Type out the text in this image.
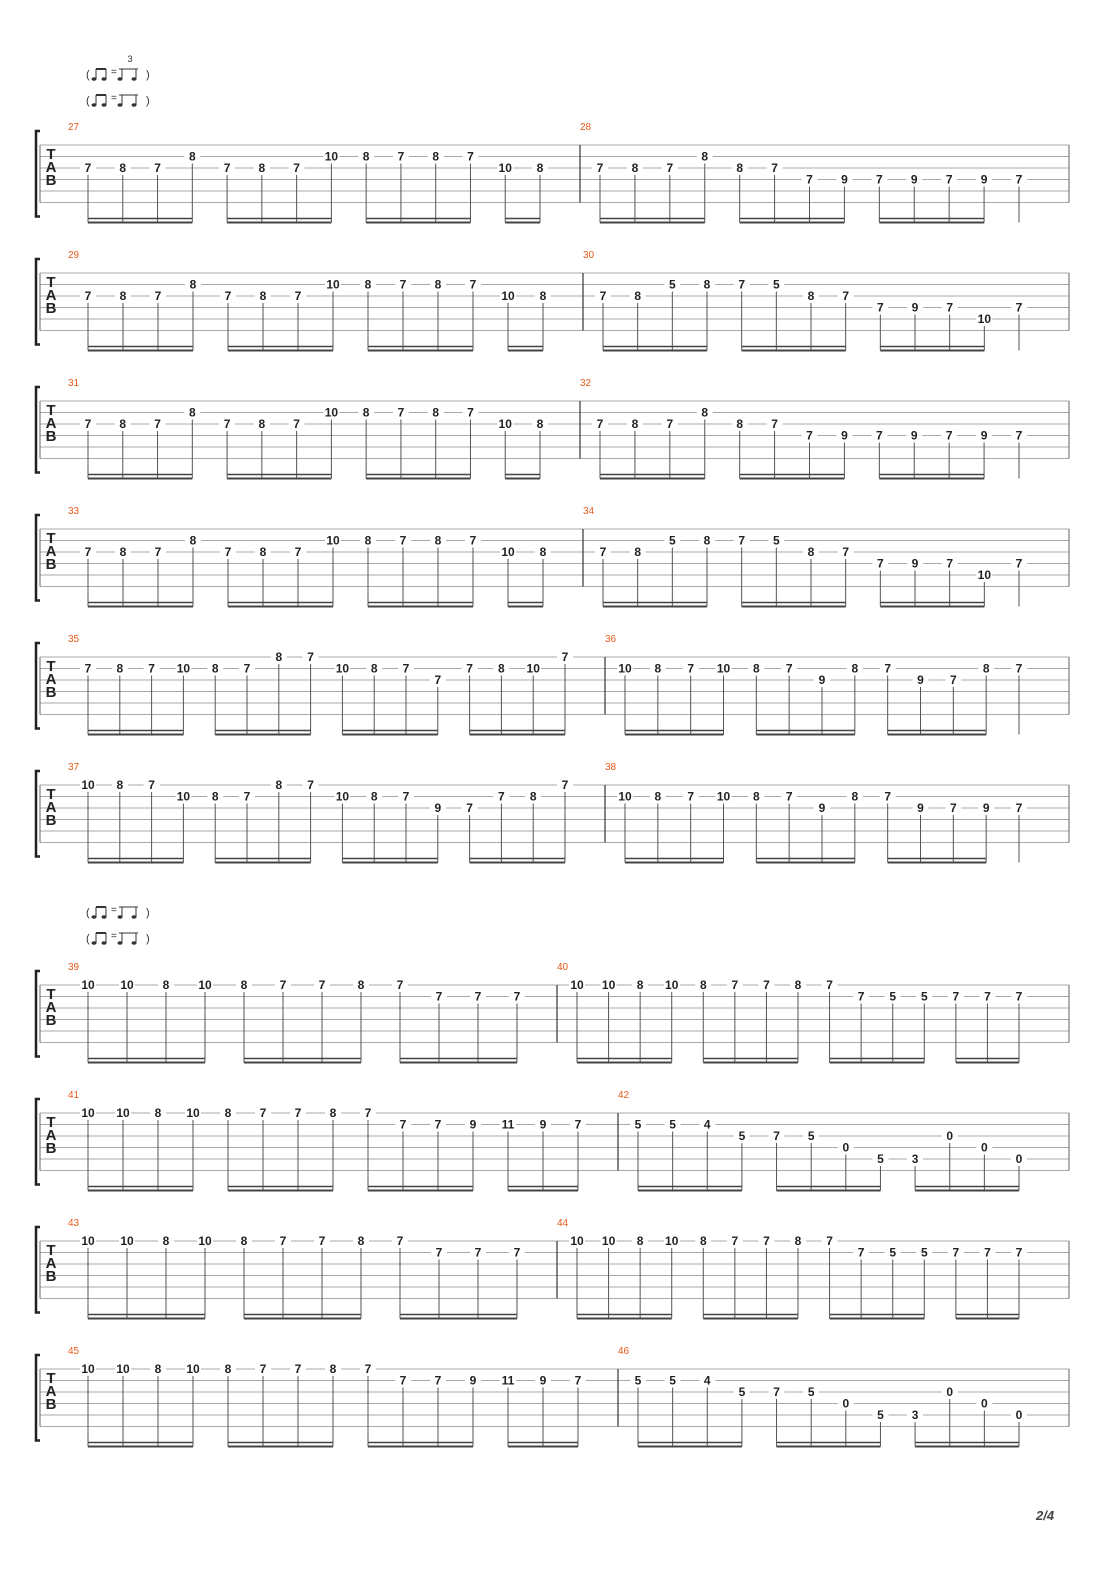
( =
3
)
( =	)
( =	)
( =	)
T
A
B
27
7 8 7
8
7 8 7
10 8 7 8 7
10 8
28
7 8 7
8
8 7
7 9 7 9 7 9 7
T
A
B
29
7 8 7
8
7 8 7
10 8 7 8 7
10 8
30
7 8
5 8 7 5
8 7
7 9 7
10
7
T
A
B
31
7 8 7
8
7 8 7
10 8 7 8 7
10 8
32
7 8 7
8
8 7
7 9 7 9 7 9 7
T
A
B
33
7 8 7
8
7 8 7
10 8 7 8 7
10 8
34
7 8
5 8 7 5
8 7
7 9 7
10
7
T
A
B
35
7 8 7 10 8 7
8 7
10 8 7
7
7 8 10
7
36
10 8 7 10 8 7
9
8 7
9 7
8 7
T
A
B
37
10 8 7
10 8 7
8 7
10 8 7
9 7
7 8
7
38
10 8 7 10 8 7
9
8 7
9 7 9 7
T
A
B
39
10 10 8 10 8	7	7	8	7
7	7	7
40
10 10 8 10 8 7 7 8 7
7 5 5 7 7 7
T
A
B
41
10 10 8 10 8 7 7 8 7
7 7 9 11 9 7
42
5 5 4
5 7 5
0
5 3
0
0
0
T
A
B
43
10 10 8 10 8	7	7	8	7
7	7	7
44
10 10 8 10 8 7 7 8 7
7 5 5 7 7 7
T
A
B
45
10 10 8 10 8 7 7 8 7
7 7 9 11 9 7
46
5 5 4
5 7 5
0
5 3
0
0
0
2/4
